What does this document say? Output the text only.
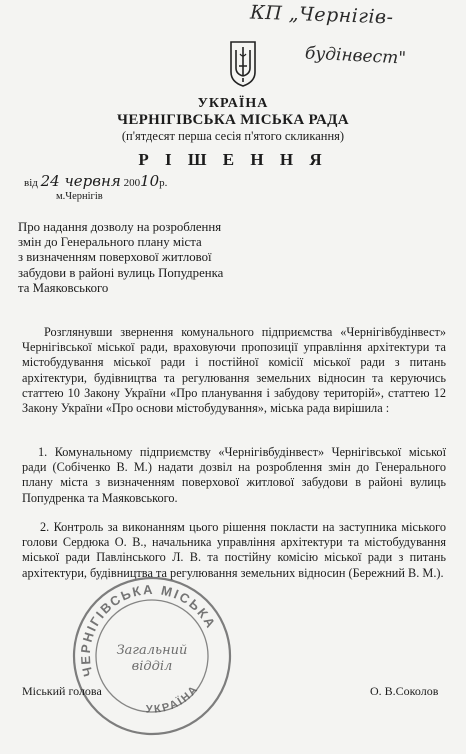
КП „Чернігів-
будінвест"
УКРАЇНА
ЧЕРНІГІВСЬКА МІСЬКА РАДА
(п'ятдесят перша сесія п'ятого скликання)
Р І Ш Е Н Н Я
від 24 червня 20010р.
м.Чернігів
Про надання дозволу на розроблення
змін до Генерального плану міста
з визначенням поверхової житлової
забудови в районі вулиць Попудренка
та Маяковського
Розглянувши звернення комунального підприємства «Чернігівбудінвест» Чернігівської міської ради, враховуючи пропозиції управління архітектури та містобудування міської ради і постійної комісії міської ради з питань архітектури, будівництва та регулювання земельних відносин та керуючись статтею 10 Закону України «Про планування і забудову територій», статтею 12 Закону України «Про основи містобудування», міська рада вирішила :
1. Комунальному підприємству «Чернігівбудінвест» Чернігівської міської ради (Собіченко В. М.) надати дозвіл на розроблення змін до Генерального плану міста з визначенням поверхової житлової забудови в районі вулиць Попудренка та Маяковського.
2. Контроль за виконанням цього рішення покласти на заступника міського голови Сердюка О. В., начальника управління архітектури та містобудування міської ради Павлінського Л. В. та постійну комісію міської ради з питань архітектури, будівництва та регулювання земельних відносин (Бережний В. М.).
ЧЕРНІГІВСЬКА МІСЬКА
УКРАЇНА
Загальний
відділ
Міський голова	О. В.Соколов
